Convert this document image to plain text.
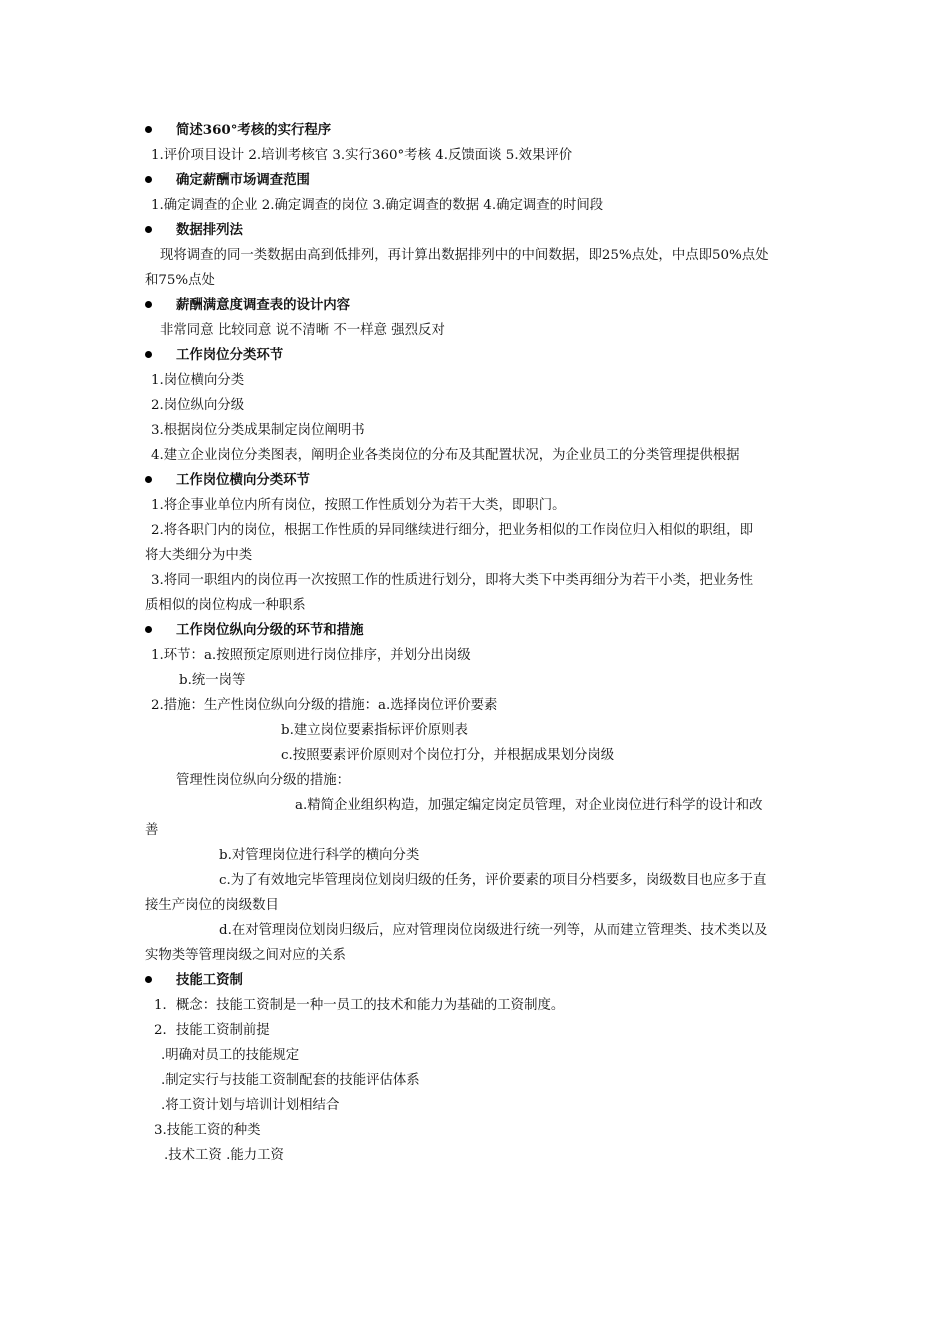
简述360°考核的实行程序
1.评价项目设计 2.培训考核官 3.实行360°考核 4.反馈面谈 5.效果评价
确定薪酬市场调查范围
1.确定调查的企业 2.确定调查的岗位 3.确定调查的数据 4.确定调查的时间段
数据排列法
现将调查的同一类数据由高到低排列，再计算出数据排列中的中间数据，即25%点处，中点即50%点处
和75%点处
薪酬满意度调查表的设计内容
非常同意 比较同意 说不清晰 不一样意 强烈反对
工作岗位分类环节
1.岗位横向分类
2.岗位纵向分级
3.根据岗位分类成果制定岗位阐明书
4.建立企业岗位分类图表，阐明企业各类岗位的分布及其配置状况，为企业员工的分类管理提供根据
工作岗位横向分类环节
1.将企事业单位内所有岗位，按照工作性质划分为若干大类，即职门。
2.将各职门内的岗位，根据工作性质的异同继续进行细分，把业务相似的工作岗位归入相似的职组，即
将大类细分为中类
3.将同一职组内的岗位再一次按照工作的性质进行划分，即将大类下中类再细分为若干小类，把业务性
质相似的岗位构成一种职系
工作岗位纵向分级的环节和措施
1.环节：a.按照预定原则进行岗位排序，并划分出岗级
b.统一岗等
2.措施：生产性岗位纵向分级的措施：a.选择岗位评价要素
b.建立岗位要素指标评价原则表
c.按照要素评价原则对个岗位打分，并根据成果划分岗级
管理性岗位纵向分级的措施：
a.精简企业组织构造，加强定编定岗定员管理，对企业岗位进行科学的设计和改
善
b.对管理岗位进行科学的横向分类
c.为了有效地完毕管理岗位划岗归级的任务，评价要素的项目分档要多，岗级数目也应多于直
接生产岗位的岗级数目
d.在对管理岗位划岗归级后，应对管理岗位岗级进行统一列等，从而建立管理类、技术类以及
实物类等管理岗级之间对应的关系
技能工资制
1．概念：技能工资制是一种一员工的技术和能力为基础的工资制度。
2．技能工资制前提
.明确对员工的技能规定
.制定实行与技能工资制配套的技能评估体系
.将工资计划与培训计划相结合
3.技能工资的种类
.技术工资 .能力工资
